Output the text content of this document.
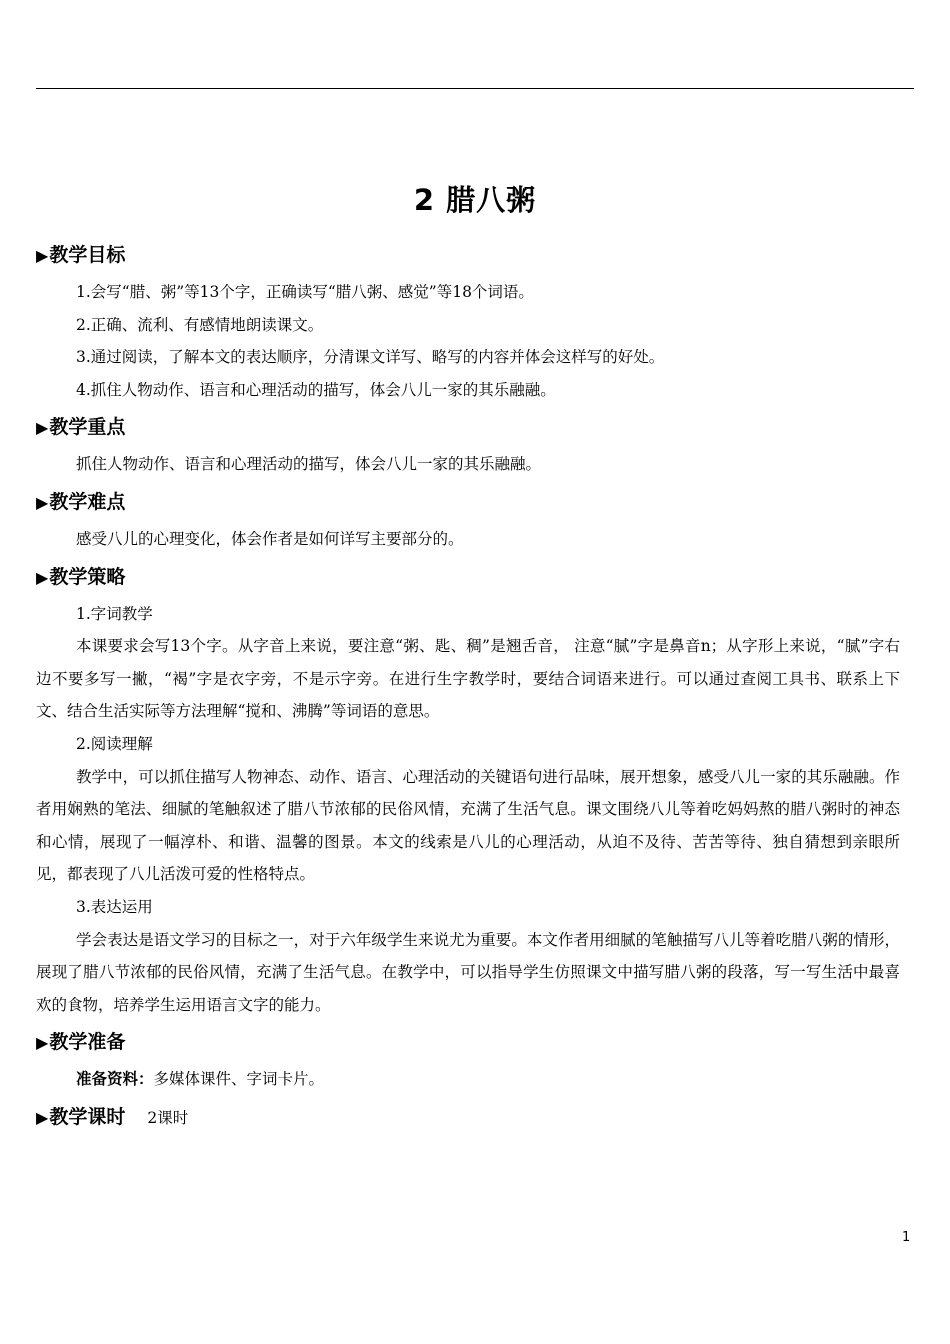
2 腊八粥
▶教学目标
1.会写“腊、粥”等13个字，正确读写“腊八粥、感觉”等18个词语。
2.正确、流利、有感情地朗读课文。
3.通过阅读，了解本文的表达顺序，分清课文详写、略写的内容并体会这样写的好处。
4.抓住人物动作、语言和心理活动的描写，体会八儿一家的其乐融融。
▶教学重点
抓住人物动作、语言和心理活动的描写，体会八儿一家的其乐融融。
▶教学难点
感受八儿的心理变化，体会作者是如何详写主要部分的。
▶教学策略
1.字词教学

本课要求会写13个字。从字音上来说，要注意“粥、匙、稠”是翘舌音， 注意“腻”字是鼻音n；从字形上来说，“腻”字右边不要多写一撇，“褐”字是衣字旁，不是示字旁。在进行生字教学时，要结合词语来进行。可以通过查阅工具书、联系上下文、结合生活实际等方法理解“搅和、沸腾”等词语的意思。

2.阅读理解

教学中，可以抓住描写人物神态、动作、语言、心理活动的关键语句进行品味，展开想象，感受八儿一家的其乐融融。作者用娴熟的笔法、细腻的笔触叙述了腊八节浓郁的民俗风情，充满了生活气息。课文围绕八儿等着吃妈妈熬的腊八粥时的神态和心情，展现了一幅淳朴、和谐、温馨的图景。本文的线索是八儿的心理活动，从迫不及待、苦苦等待、独自猜想到亲眼所见，都表现了八儿活泼可爱的性格特点。

3.表达运用

学会表达是语文学习的目标之一，对于六年级学生来说尤为重要。本文作者用细腻的笔触描写八儿等着吃腊八粥的情形，展现了腊八节浓郁的民俗风情，充满了生活气息。在教学中，可以指导学生仿照课文中描写腊八粥的段落，写一写生活中最喜欢的食物，培养学生运用语言文字的能力。

▶教学准备
准备资料：多媒体课件、字词卡片。
▶教学课时 2课时
1
